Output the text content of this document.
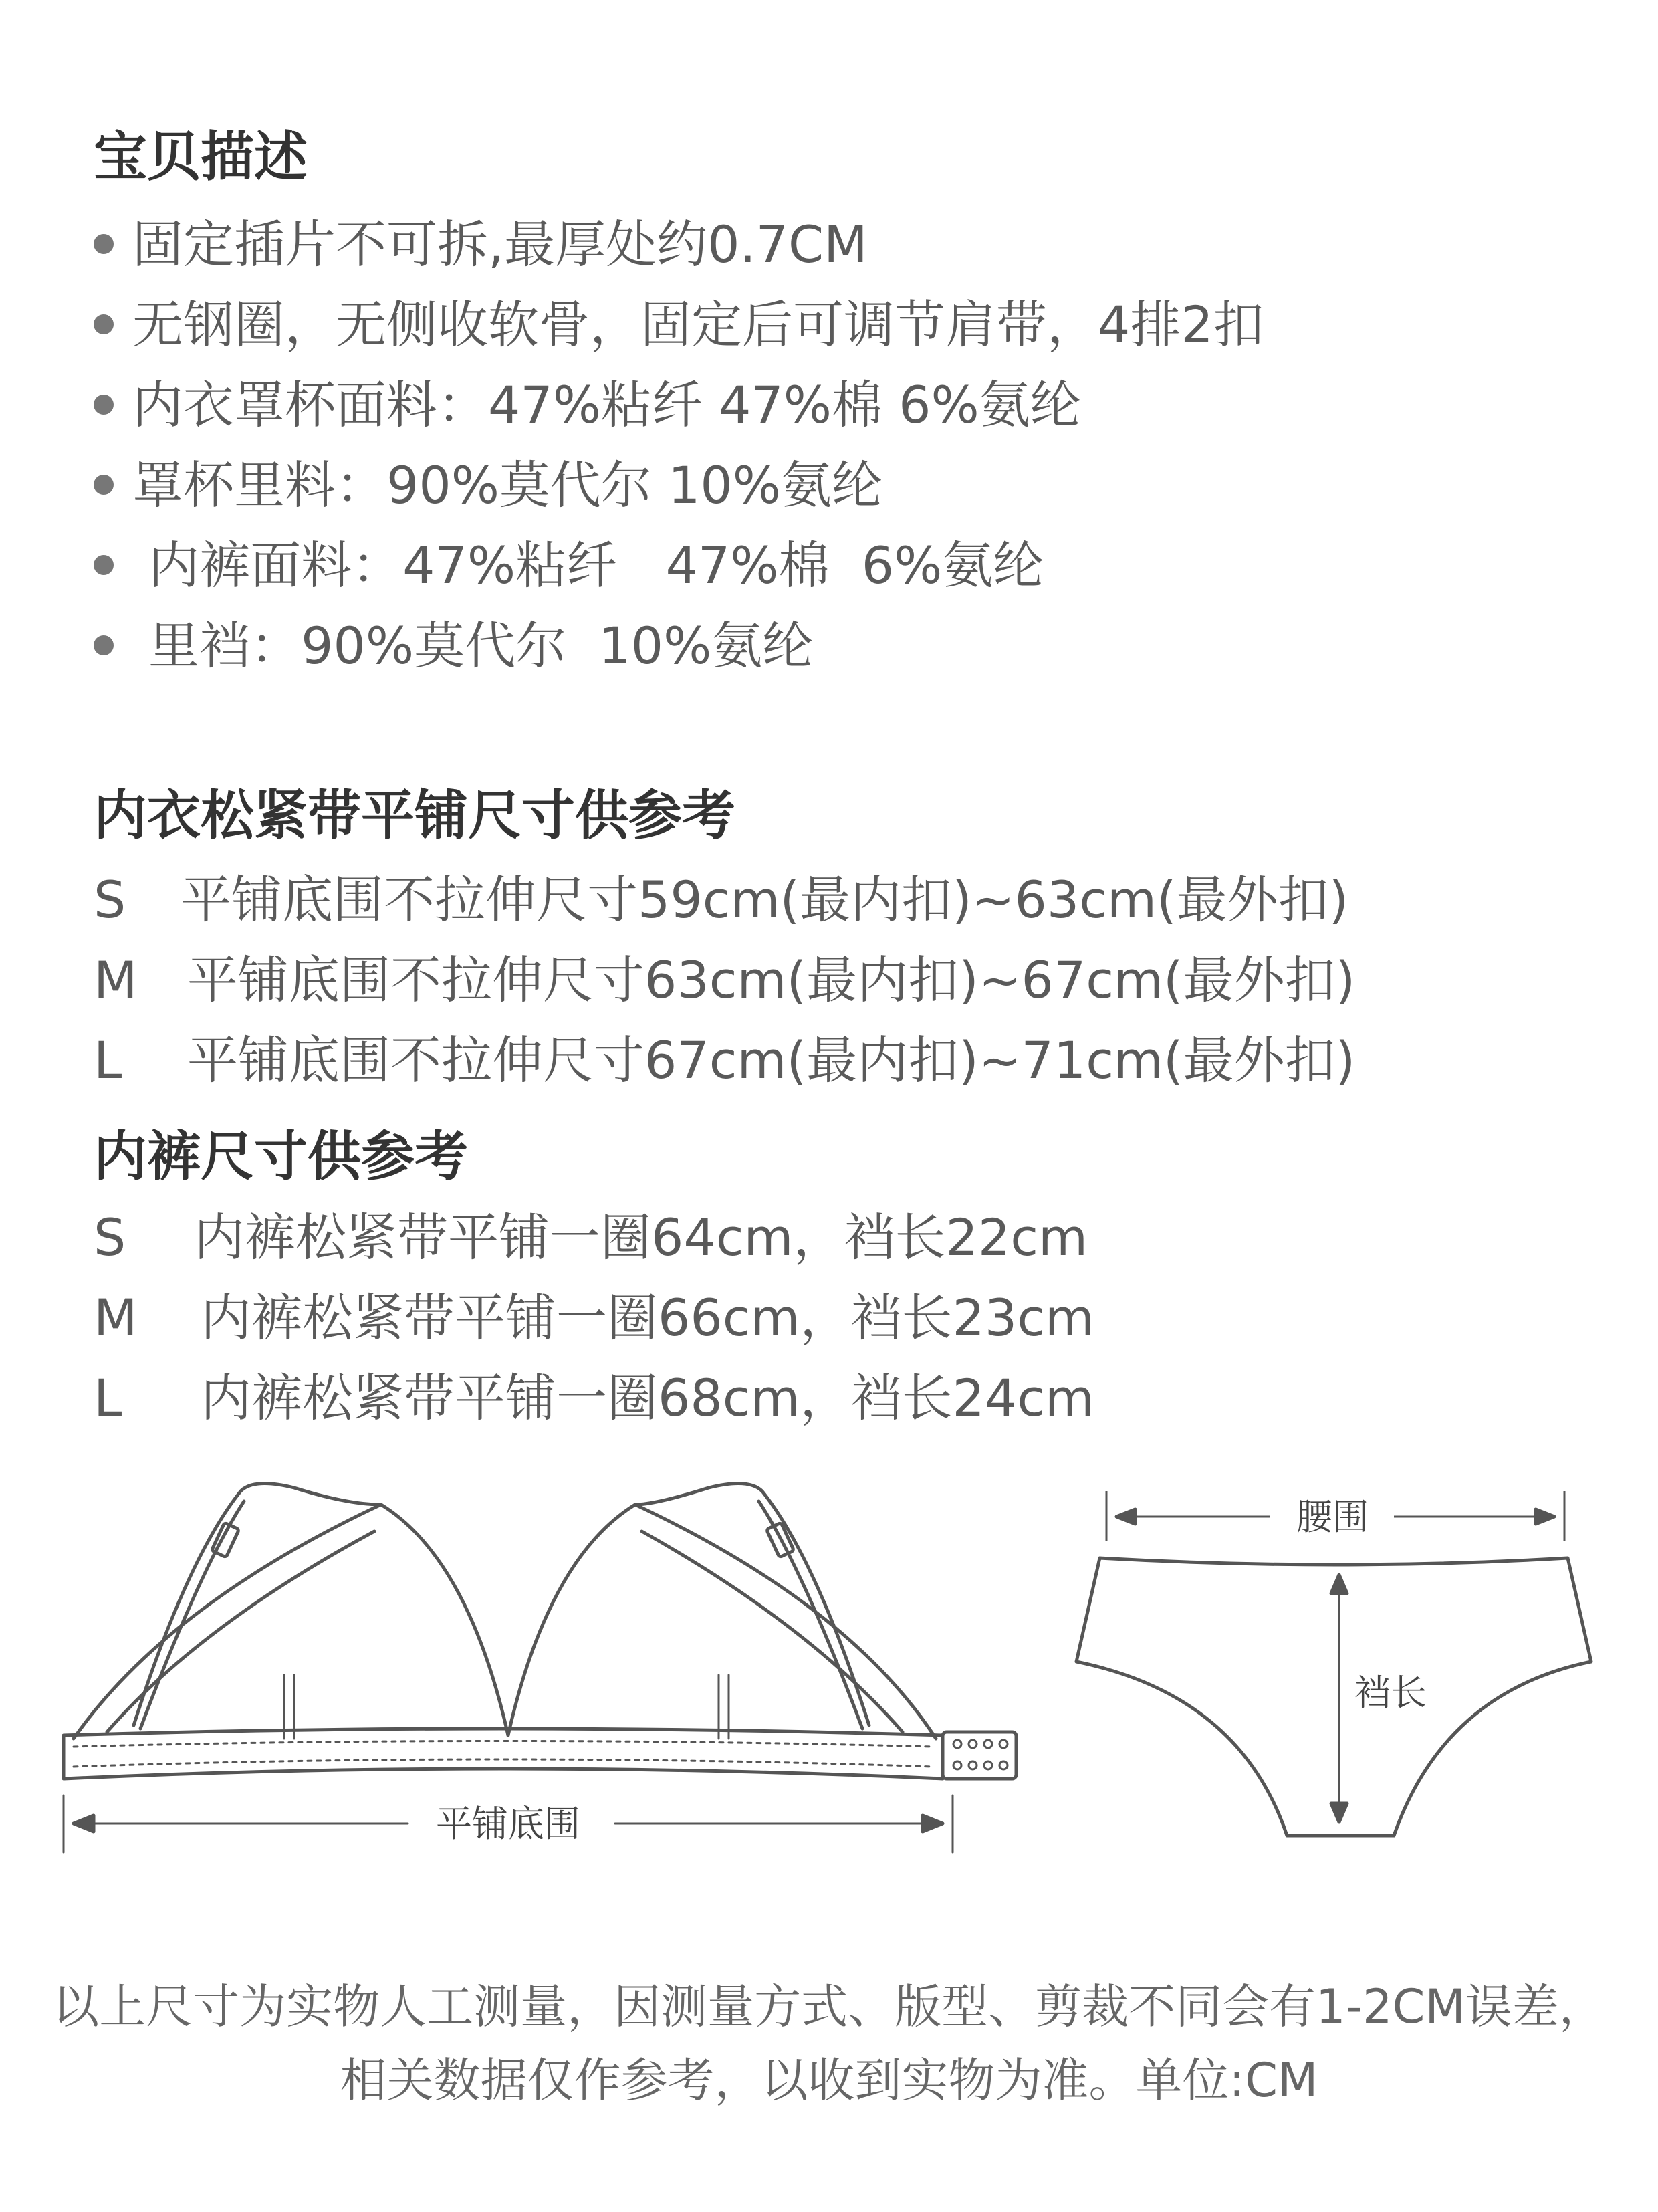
宝贝描述
固定插片不可拆,最厚处约0.7CM
无钢圈，无侧收软骨，固定后可调节肩带，4排2扣
内衣罩杯面料：47%粘纤 47%棉 6%氨纶
罩杯里料：90%莫代尔 10%氨纶
内裤面料：47%粘纤   47%棉  6%氨纶
里裆：90%莫代尔  10%氨纶
内衣松紧带平铺尺寸供参考
S 平铺底围不拉伸尺寸59cm(最内扣)~63cm(最外扣)
M 平铺底围不拉伸尺寸63cm(最内扣)~67cm(最外扣)
L 平铺底围不拉伸尺寸67cm(最内扣)~71cm(最外扣)
内裤尺寸供参考
S 内裤松紧带平铺一圈64cm，裆长22cm
M 内裤松紧带平铺一圈66cm，裆长23cm
L 内裤松紧带平铺一圈68cm，裆长24cm
平铺底围
腰围
裆长
以上尺寸为实物人工测量，因测量方式、版型、剪裁不同会有1-2CM误差，
相关数据仅作参考，以收到实物为准。单位:CM
